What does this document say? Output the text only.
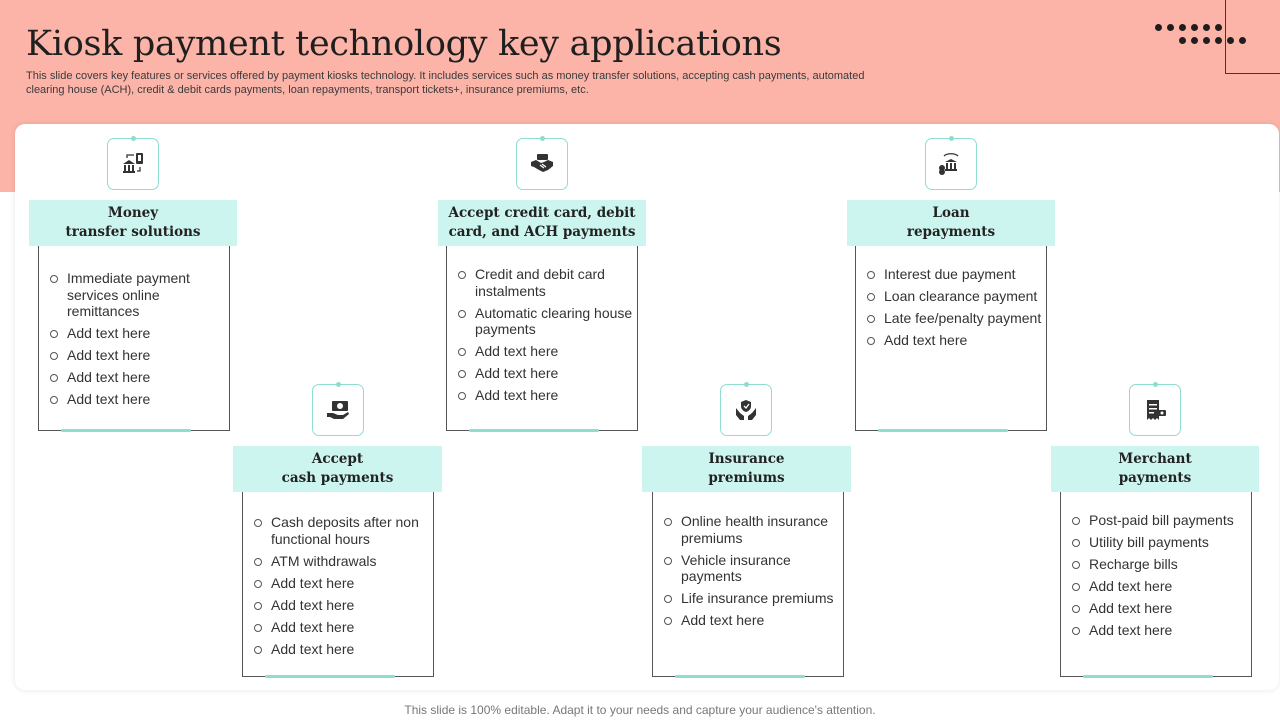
Kiosk payment technology key applications
This slide covers key features or services offered by payment kiosks technology. It includes services such as money transfer solutions, accepting cash payments, automated clearing house (ACH), credit & debit cards payments, loan repayments, transport tickets+, insurance premiums, etc.
Money
transfer solutions
Immediate payment services online remittances
Add text here
Add text here
Add text here
Add text here
Accept
cash payments
Cash deposits after non functional hours
ATM withdrawals
Add text here
Add text here
Add text here
Add text here
Accept credit card, debit card, and ACH payments
Credit and debit card instalments
Automatic clearing house payments
Add text here
Add text here
Add text here
Insurance
premiums
Online health insurance premiums
Vehicle insurance payments
Life insurance premiums
Add text here
Loan
repayments
Interest due payment
Loan clearance payment
Late fee/penalty payment
Add text here
Merchant
payments
Post-paid bill payments
Utility bill payments
Recharge bills
Add text here
Add text here
Add text here
This slide is 100% editable. Adapt it to your needs and capture your audience's attention.
